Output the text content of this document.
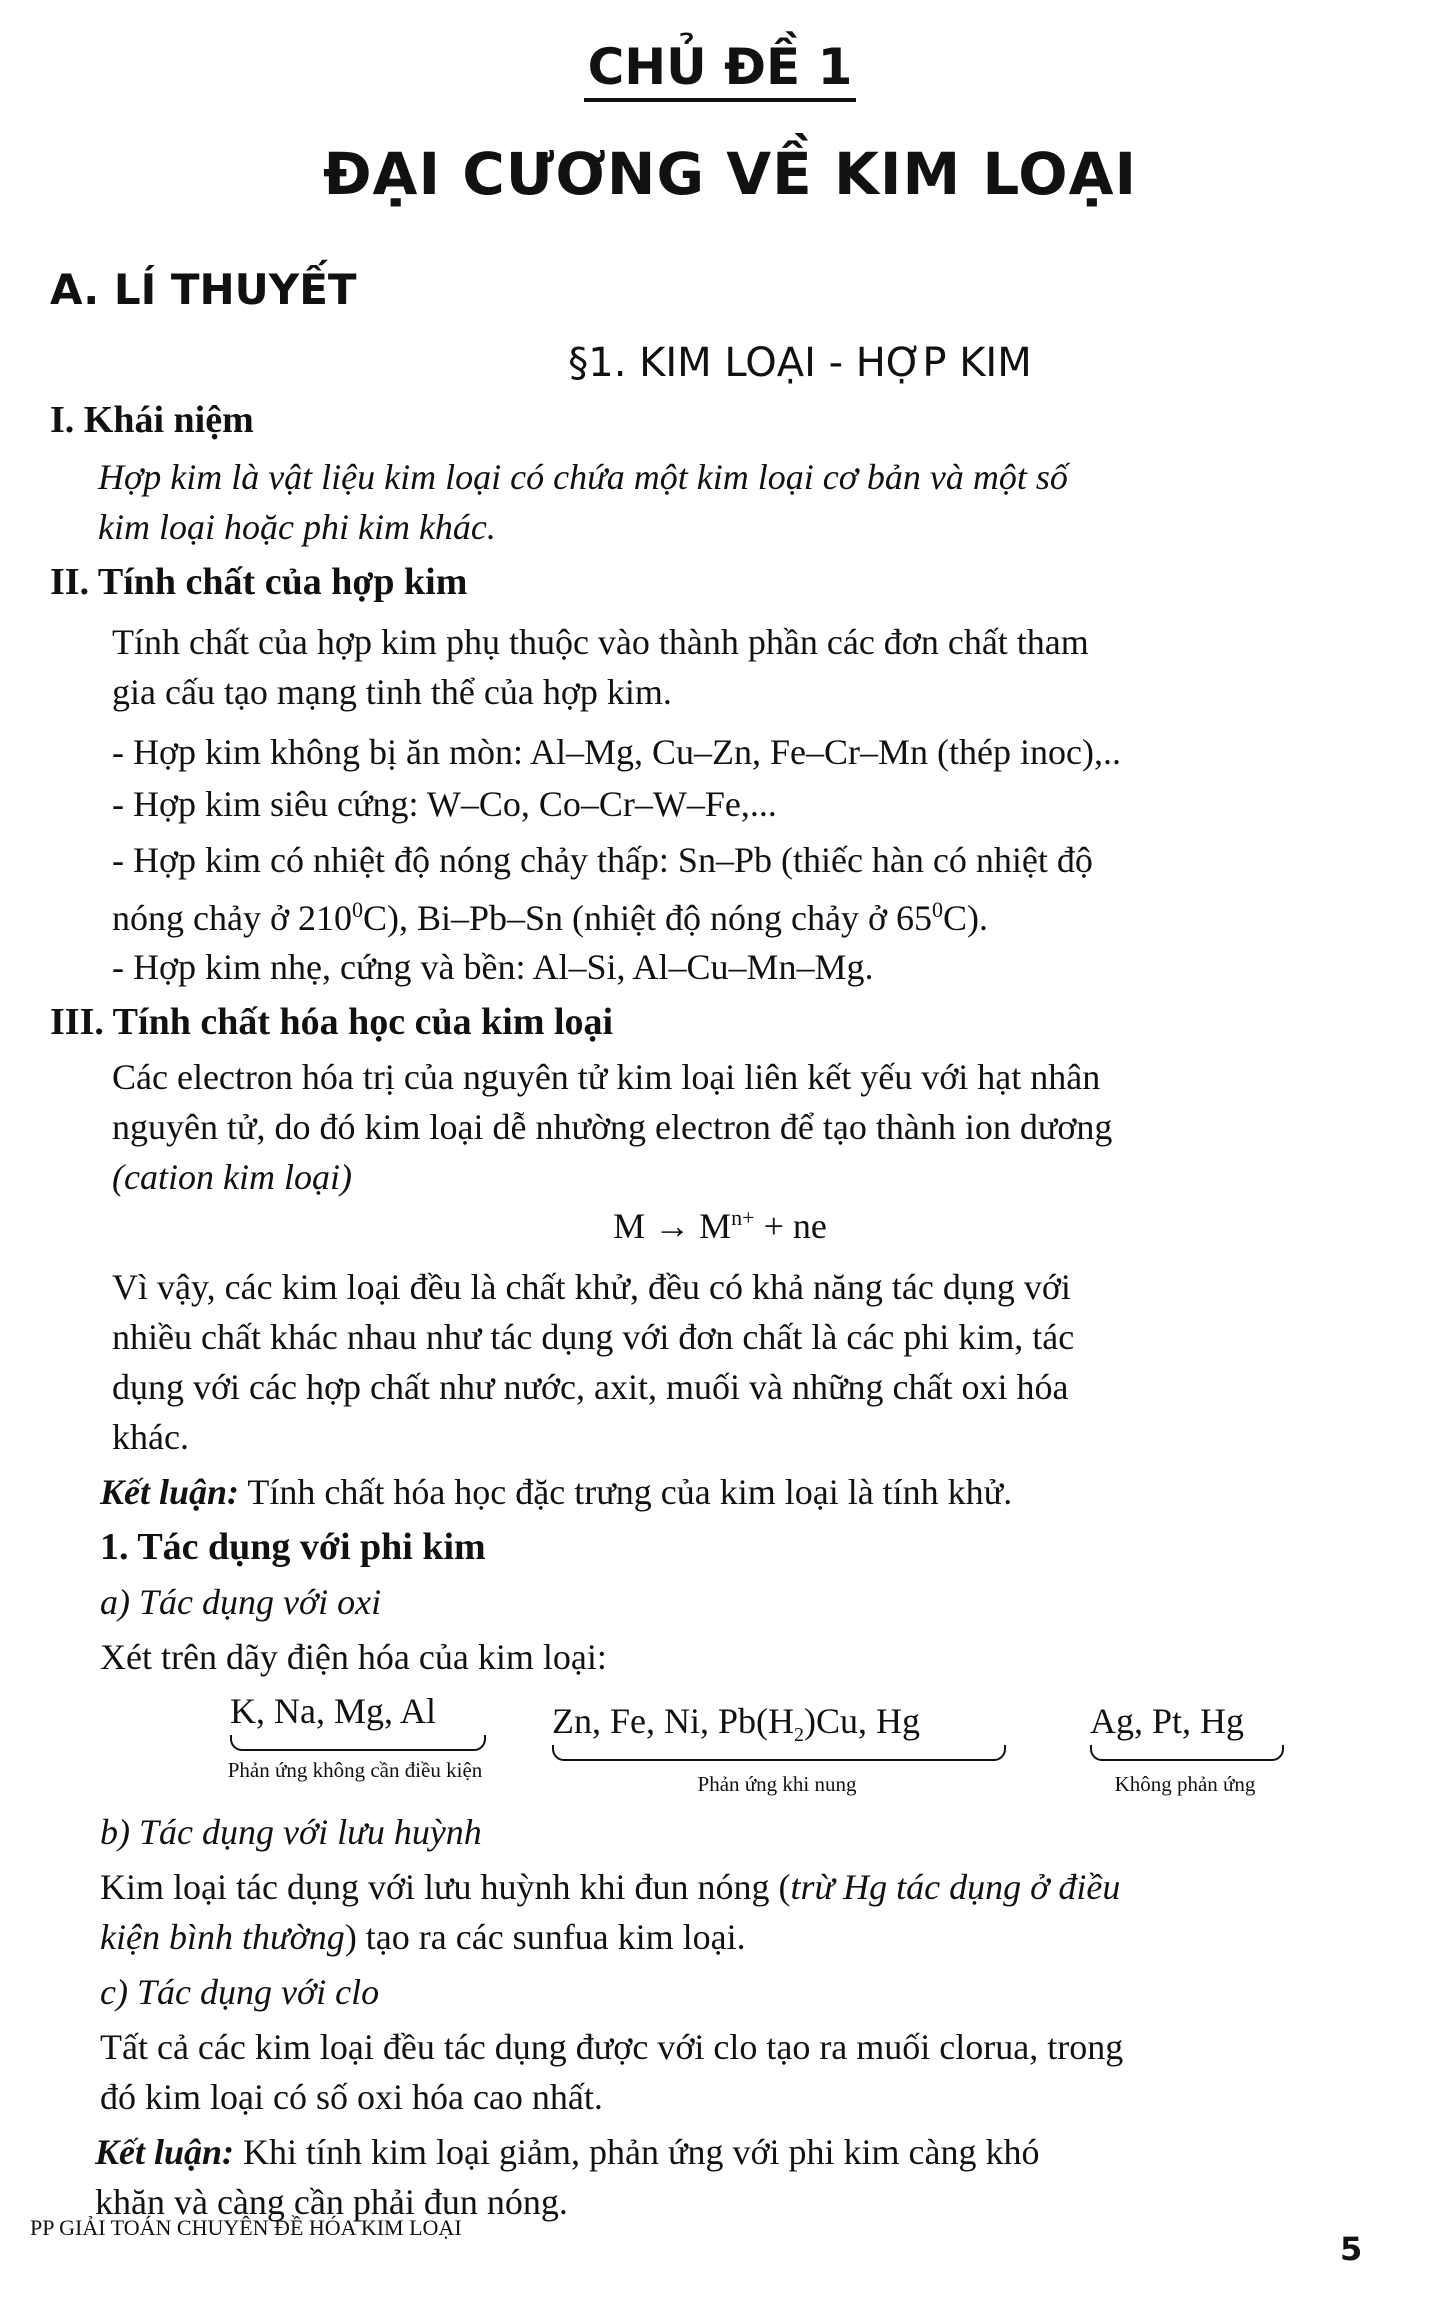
CHỦ ĐỀ 1
ĐẠI CƯƠNG VỀ KIM LOẠI
A. LÍ THUYẾT
§1. KIM LOẠI - HỢP KIM
I. Khái niệm
Hợp kim là vật liệu kim loại có chứa một kim loại cơ bản và một số
kim loại hoặc phi kim khác.
II. Tính chất của hợp kim
Tính chất của hợp kim phụ thuộc vào thành phần các đơn chất tham
gia cấu tạo mạng tinh thể của hợp kim.
- Hợp kim không bị ăn mòn: Al–Mg, Cu–Zn, Fe–Cr–Mn (thép inoc),..
- Hợp kim siêu cứng: W–Co, Co–Cr–W–Fe,...
- Hợp kim có nhiệt độ nóng chảy thấp: Sn–Pb (thiếc hàn có nhiệt độ
nóng chảy ở $210^0C$), Bi–Pb–Sn (nhiệt độ nóng chảy ở $65^0C$).
- Hợp kim nhẹ, cứng và bền: Al–Si, Al–Cu–Mn–Mg.
III. Tính chất hóa học của kim loại
Các electron hóa trị của nguyên tử kim loại liên kết yếu với hạt nhân
nguyên tử, do đó kim loại dễ nhường electron để tạo thành ion dương
(cation kim loại)
$M \to M^{n+}$ + ne
Vì vậy, các kim loại đều là chất khử, đều có khả năng tác dụng với
nhiều chất khác nhau như tác dụng với đơn chất là các phi kim, tác
dụng với các hợp chất như nước, axit, muối và những chất oxi hóa
khác.
Kết luận: Tính chất hóa học đặc trưng của kim loại là tính khử.
1. Tác dụng với phi kim
a) Tác dụng với oxi
Xét trên dãy điện hóa của kim loại:
K, Na, Mg, Al
Phản ứng không cần điều kiện
Zn, Fe, Ni, $Pb(H_2)Cu$, Hg
Phản ứng khi nung
Ag, Pt, Hg
Không phản ứng
b) Tác dụng với lưu huỳnh
Kim loại tác dụng với lưu huỳnh khi đun nóng (trừ Hg tác dụng ở điều
kiện bình thường) tạo ra các sunfua kim loại.
c) Tác dụng với clo
Tất cả các kim loại đều tác dụng được với clo tạo ra muối clorua, trong
đó kim loại có số oxi hóa cao nhất.
Kết luận: Khi tính kim loại giảm, phản ứng với phi kim càng khó
khăn và càng cần phải đun nóng.
PP GIẢI TOÁN CHUYÊN ĐỀ HÓA KIM LOẠI
5
